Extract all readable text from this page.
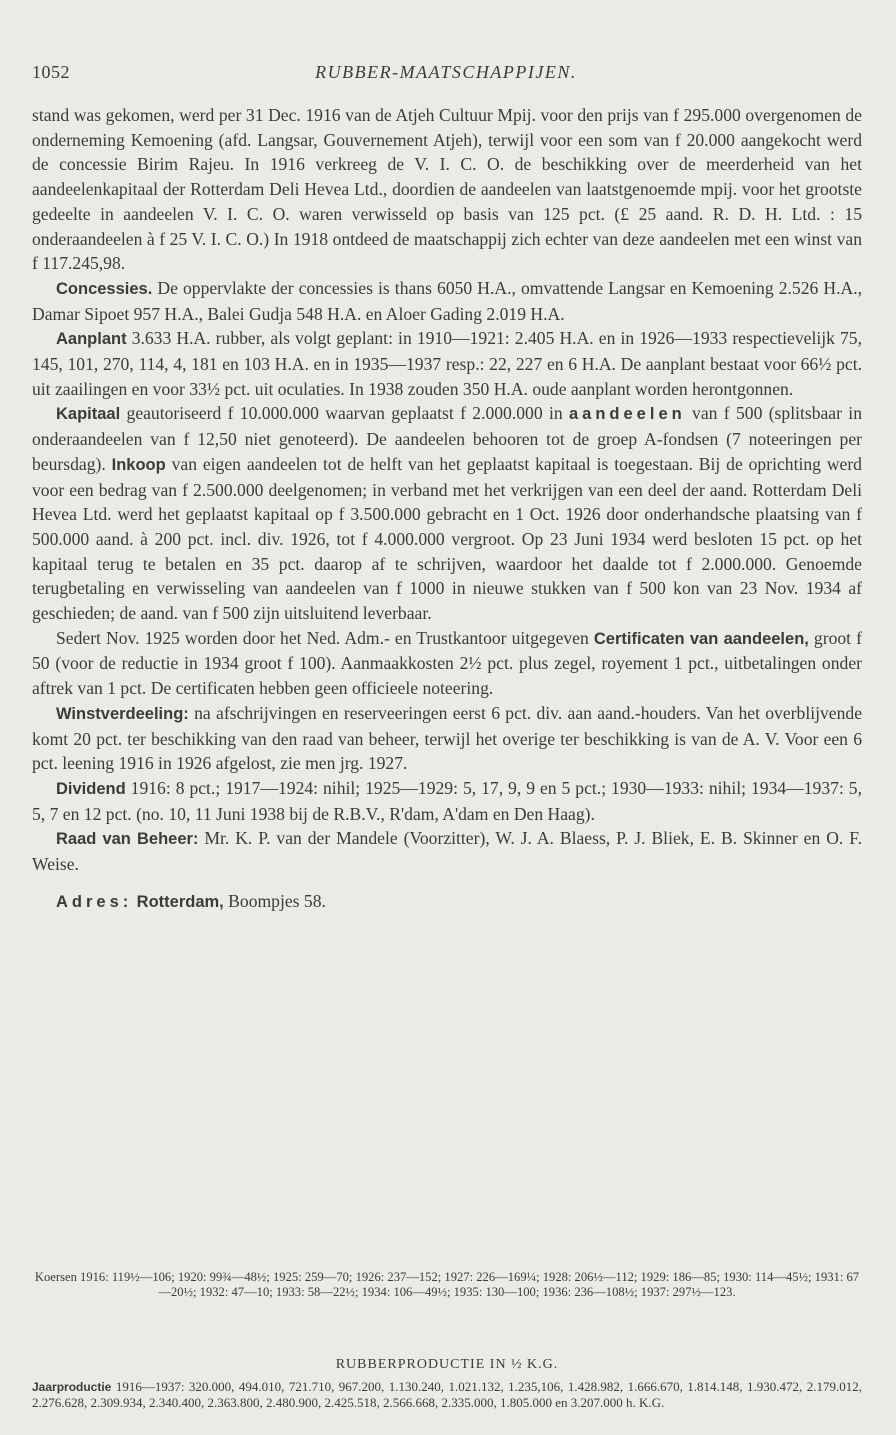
1052	RUBBER-MAATSCHAPPIJEN.

stand was gekomen, werd per 31 Dec. 1916 van de Atjeh Cultuur Mpij. voor den prijs van f 295.000 overgenomen de onderneming Kemoening (afd. Langsar, Gouvernement Atjeh), terwijl voor een som van f 20.000 aangekocht werd de concessie Birim Rajeu. In 1916 verkreeg de V. I. C. O. de beschikking over de meerderheid van het aandeelenkapitaal der Rotterdam Deli Hevea Ltd., doordien de aandeelen van laatstgenoemde mpij. voor het grootste gedeelte in aandeelen V. I. C. O. waren verwisseld op basis van 125 pct. (£ 25 aand. R. D. H. Ltd. : 15 onderaandeelen à f 25 V. I. C. O.) In 1918 ontdeed de maatschappij zich echter van deze aandeelen met een winst van f 117.245,98.

Concessies. De oppervlakte der concessies is thans 6050 H.A., omvattende Langsar en Kemoening 2.526 H.A., Damar Sipoet 957 H.A., Balei Gudja 548 H.A. en Aloer Gading 2.019 H.A.

Aanplant 3.633 H.A. rubber, als volgt geplant: in 1910—1921: 2.405 H.A. en in 1926—1933 respectievelijk 75, 145, 101, 270, 114, 4, 181 en 103 H.A. en in 1935—1937 resp.: 22, 227 en 6 H.A. De aanplant bestaat voor 66½ pct. uit zaailingen en voor 33½ pct. uit oculaties. In 1938 zouden 350 H.A. oude aanplant worden herontgonnen.

Kapitaal geautoriseerd f 10.000.000 waarvan geplaatst f 2.000.000 in aandeelen van f 500 (splitsbaar in onderaandeelen van f 12,50 niet genoteerd). De aandeelen behooren tot de groep A-fondsen (7 noteeringen per beursdag). Inkoop van eigen aandeelen tot de helft van het geplaatst kapitaal is toegestaan. Bij de oprichting werd voor een bedrag van f 2.500.000 deelgenomen; in verband met het verkrijgen van een deel der aand. Rotterdam Deli Hevea Ltd. werd het geplaatst kapitaal op f 3.500.000 gebracht en 1 Oct. 1926 door onderhandsche plaatsing van f 500.000 aand. à 200 pct. incl. div. 1926, tot f 4.000.000 vergroot. Op 23 Juni 1934 werd besloten 15 pct. op het kapitaal terug te betalen en 35 pct. daarop af te schrijven, waardoor het daalde tot f 2.000.000. Genoemde terugbetaling en verwisseling van aandeelen van f 1000 in nieuwe stukken van f 500 kon van 23 Nov. 1934 af geschieden; de aand. van f 500 zijn uitsluitend leverbaar.

Sedert Nov. 1925 worden door het Ned. Adm.- en Trustkantoor uitgegeven Certificaten van aandeelen, groot f 50 (voor de reductie in 1934 groot f 100). Aanmaakkosten 2½ pct. plus zegel, royement 1 pct., uitbetalingen onder aftrek van 1 pct. De certificaten hebben geen officieele noteering.

Winstverdeeling: na afschrijvingen en reserveeringen eerst 6 pct. div. aan aand.-houders. Van het overblijvende komt 20 pct. ter beschikking van den raad van beheer, terwijl het overige ter beschikking is van de A. V. Voor een 6 pct. leening 1916 in 1926 afgelost, zie men jrg. 1927.

Dividend 1916: 8 pct.; 1917—1924: nihil; 1925—1929: 5, 17, 9, 9 en 5 pct.; 1930—1933: nihil; 1934—1937: 5, 5, 7 en 12 pct. (no. 10, 11 Juni 1938 bij de R.B.V., R'dam, A'dam en Den Haag).

Raad van Beheer: Mr. K. P. van der Mandele (Voorzitter), W. J. A. Blaess, P. J. Bliek, E. B. Skinner en O. F. Weise.

Adres: Rotterdam, Boompjes 58.

Koersen 1916: 119½—106; 1920: 99¾—48½; 1925: 259—70; 1926: 237—152; 1927: 226—169¼; 1928: 206½—112; 1929: 186—85; 1930: 114—45½; 1931: 67—20½; 1932: 47—10; 1933: 58—22½; 1934: 106—49½; 1935: 130—100; 1936: 236—108½; 1937: 297½—123.
RUBBERPRODUCTIE IN ½ K.G.
Jaarproductie 1916—1937: 320.000, 494.010, 721.710, 967.200, 1.130.240, 1.021.132, 1.235,106, 1.428.982, 1.666.670, 1.814.148, 1.930.472, 2.179.012, 2.276.628, 2.309.934, 2.340.400, 2.363.800, 2.480.900, 2.425.518, 2.566.668, 2.335.000, 1.805.000 en 3.207.000 h. K.G.
